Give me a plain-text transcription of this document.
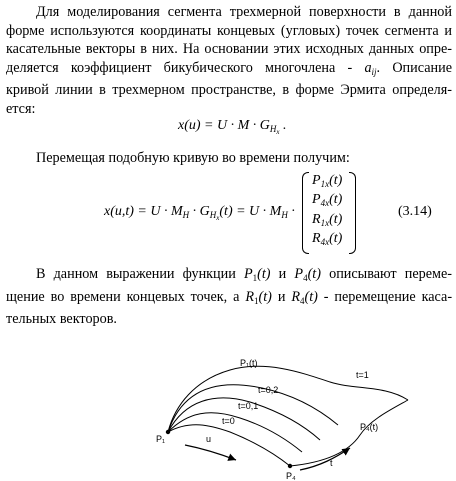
Для моделирования сегмента трехмерной поверхности в данной
форме используются координаты концевых (угловых) точек сегмента и
касательные векторы в них. На основании этих исходных данных опре-
деляется коэффициент бикубического многочлена - $a_{ij}$. Описание
кривой линии в трехмерном пространстве, в форме Эрмита определя-
ется:
$x(u) = U \cdot M \cdot G_{H_x}$ .
Перемещая подобную кривую во времени получим:
$x(u,t) = U \cdot M_H \cdot G_{H_x}(t) = U \cdot M_H$ ·
$P_{1x}(t)$
$P_{4x}(t)$
$R_{1x}(t)$
$R_{4x}(t)$
(3.14)
В данном выражении функции $P_1(t)$ и $P_4(t)$ описывают переме-
щение во времени концевых точек, а $R_1(t)$ и $R_4(t)$ - перемещение каса-
тельных векторов.
P₁(t)
t=1
t=0,2
t=0,1
t=0
P₄(t)
P₁
P₄
u
t
